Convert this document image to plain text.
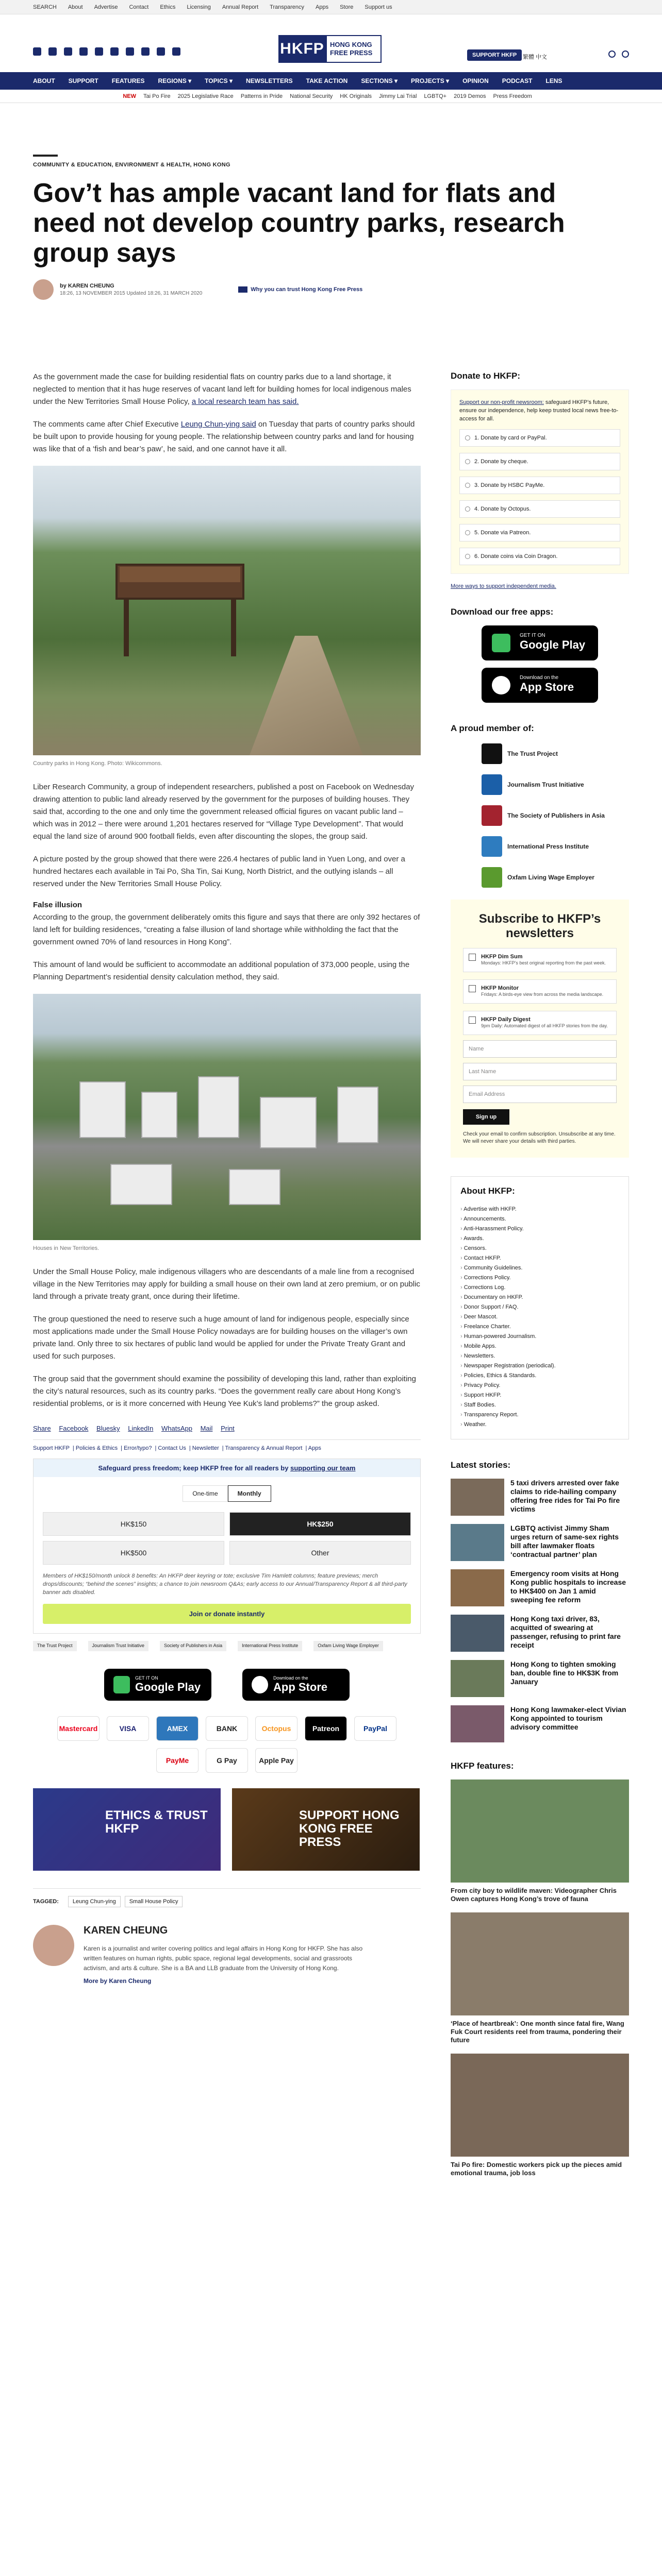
SEARCH About Advertise Contact Ethics Licensing Annual Report Transparency Apps Store Support us
HKFP HONG KONG FREE PRESS	SUPPORT HKFP	繁體 中文
ABOUT SUPPORT FEATURES REGIONS ▾ TOPICS ▾ NEWSLETTERS TAKE ACTION SECTIONS ▾ PROJECTS ▾ OPINION PODCAST LENS
NEW Tai Po Fire 2025 Legislative Race Patterns in Pride National Security HK Originals Jimmy Lai Trial LGBTQ+ 2019 Demos Press Freedom
COMMUNITY & EDUCATION, ENVIRONMENT & HEALTH, HONG KONG
Gov’t has ample vacant land for flats and need not develop country parks, research group says
by KAREN CHEUNG
18:26, 13 NOVEMBER 2015 Updated 18:26, 31 MARCH 2020
Why you can trust Hong Kong Free Press

As the government made the case for building residential flats on country parks due to a land shortage, it neglected to mention that it has huge reserves of vacant land left for building homes for local indigenous males under the New Territories Small House Policy, a local research team has said.

The comments came after Chief Executive Leung Chun-ying said on Tuesday that parts of country parks should be built upon to provide housing for young people. The relationship between country parks and land for housing was like that of a ‘fish and bear’s paw’, he said, and one cannot have it all.

Country parks in Hong Kong. Photo: Wikicommons.

Liber Research Community, a group of independent researchers, published a post on Facebook on Wednesday drawing attention to public land already reserved by the government for the purposes of building houses. They said that, according to the one and only time the government released official figures on vacant public land – which was in 2012 – there were around 1,201 hectares reserved for “Village Type Development”. That would equal the land size of around 900 football fields, even after discounting the slopes, the group said.

A picture posted by the group showed that there were 226.4 hectares of public land in Yuen Long, and over a hundred hectares each available in Tai Po, Sha Tin, Sai Kung, North District, and the outlying islands – all reserved under the New Territories Small House Policy.

False illusion

According to the group, the government deliberately omits this figure and says that there are only 392 hectares of land left for building residences, “creating a false illusion of land shortage while withholding the fact that the government owned 70% of land resources in Hong Kong”.

This amount of land would be sufficient to accommodate an additional population of 373,000 people, using the Planning Department’s residential density calculation method, they said.

Houses in New Territories.

Under the Small House Policy, male indigenous villagers who are descendants of a male line from a recognised village in the New Territories may apply for building a small house on their own land at zero premium, or on public land through a private treaty grant, once during their lifetime.

The group questioned the need to reserve such a huge amount of land for indigenous people, especially since most applications made under the Small House Policy nowadays are for building houses on the villager’s own private land. Only three to six hectares of public land would be applied for under the Private Treaty Grant and used for such purposes.

The group said that the government should examine the possibility of developing this land, rather than exploiting the city’s natural resources, such as its country parks. “Does the government really care about Hong Kong’s residential problems, or is it more concerned with Heung Yee Kuk’s land problems?” the group asked.

Share Facebook Bluesky LinkedIn WhatsApp Mail Print
Support HKFP | Policies & Ethics | Error/typo? | Contact Us | Newsletter | Transparency & Annual Report | Apps
Safeguard press freedom; keep HKFP free for all readers by supporting our team
One-time	Monthly
HK$150	HK$250
HK$500	Other
Members of HK$150/month unlock 8 benefits: An HKFP deer keyring or tote; exclusive Tim Hamlett columns; feature previews; merch drops/discounts; “behind the scenes” insights; a chance to join newsroom Q&As; early access to our Annual/Transparency Report & all third-party banner ads disabled.
Join or donate instantly
The Trust Project	Journalism Trust Initiative	Society of Publishers in Asia	International Press Institute	Oxfam Living Wage Employer
GET IT ON
Google Play
Download on the
App Store
Mastercard	VISA	AMEX	BANK	Octopus	Patreon	PayPal
PayMe	G Pay	Apple Pay
ETHICS & TRUST HKFP
SUPPORT HONG KONG FREE PRESS
TAGGED:	Leung Chun-ying	Small House Policy
KAREN CHEUNG
Karen is a journalist and writer covering politics and legal affairs in Hong Kong for HKFP. She has also written features on human rights, public space, regional legal developments, social and grassroots activism, and arts & culture. She is a BA and LLB graduate from the University of Hong Kong.
More by Karen Cheung
Donate to HKFP:
Support our non-profit newsroom: safeguard HKFP’s future, ensure our independence, help keep trusted local news free-to-access for all.
1. Donate by card or PayPal.
2. Donate by cheque.
3. Donate by HSBC PayMe.
4. Donate by Octopus.
5. Donate via Patreon.
6. Donate coins via Coin Dragon.
More ways to support independent media.
Download our free apps:
GET IT ON
Google Play
Download on the
App Store
A proud member of:
The Trust Project
Journalism Trust Initiative
The Society of Publishers in Asia
International Press Institute
Oxfam Living Wage Employer
Subscribe to HKFP’s newsletters
HKFP Dim Sum
Mondays: HKFP’s best original reporting from the past week.
HKFP Monitor
Fridays: A birds-eye view from across the media landscape.
HKFP Daily Digest
9pm Daily: Automated digest of all HKFP stories from the day.
Name
Last Name
Email Address
Sign up
Check your email to confirm subscription. Unsubscribe at any time. We will never share your details with third parties.
About HKFP:
› Advertise with HKFP.
› Announcements.
› Anti-Harassment Policy.
› Awards.
› Censors.
› Contact HKFP.
› Community Guidelines.
› Corrections Policy.
› Corrections Log.
› Documentary on HKFP.
› Donor Support / FAQ.
› Deer Mascot.
› Freelance Charter.
› Human-powered Journalism.
› Mobile Apps.
› Newsletters.
› Newspaper Registration (periodical).
› Policies, Ethics & Standards.
› Privacy Policy.
› Support HKFP.
› Staff Bodies.
› Transparency Report.
› Weather.
Latest stories:
5 taxi drivers arrested over fake claims to ride-hailing company offering free rides for Tai Po fire victims
LGBTQ activist Jimmy Sham urges return of same-sex rights bill after lawmaker floats ‘contractual partner’ plan
Emergency room visits at Hong Kong public hospitals to increase to HK$400 on Jan 1 amid sweeping fee reform
Hong Kong taxi driver, 83, acquitted of swearing at passenger, refusing to print fare receipt
Hong Kong to tighten smoking ban, double fine to HK$3K from January
Hong Kong lawmaker-elect Vivian Kong appointed to tourism advisory committee
HKFP features:
From city boy to wildlife maven: Videographer Chris Owen captures Hong Kong’s trove of fauna
‘Place of heartbreak’: One month since fatal fire, Wang Fuk Court residents reel from trauma, pondering their future
Tai Po fire: Domestic workers pick up the pieces amid emotional trauma, job loss
